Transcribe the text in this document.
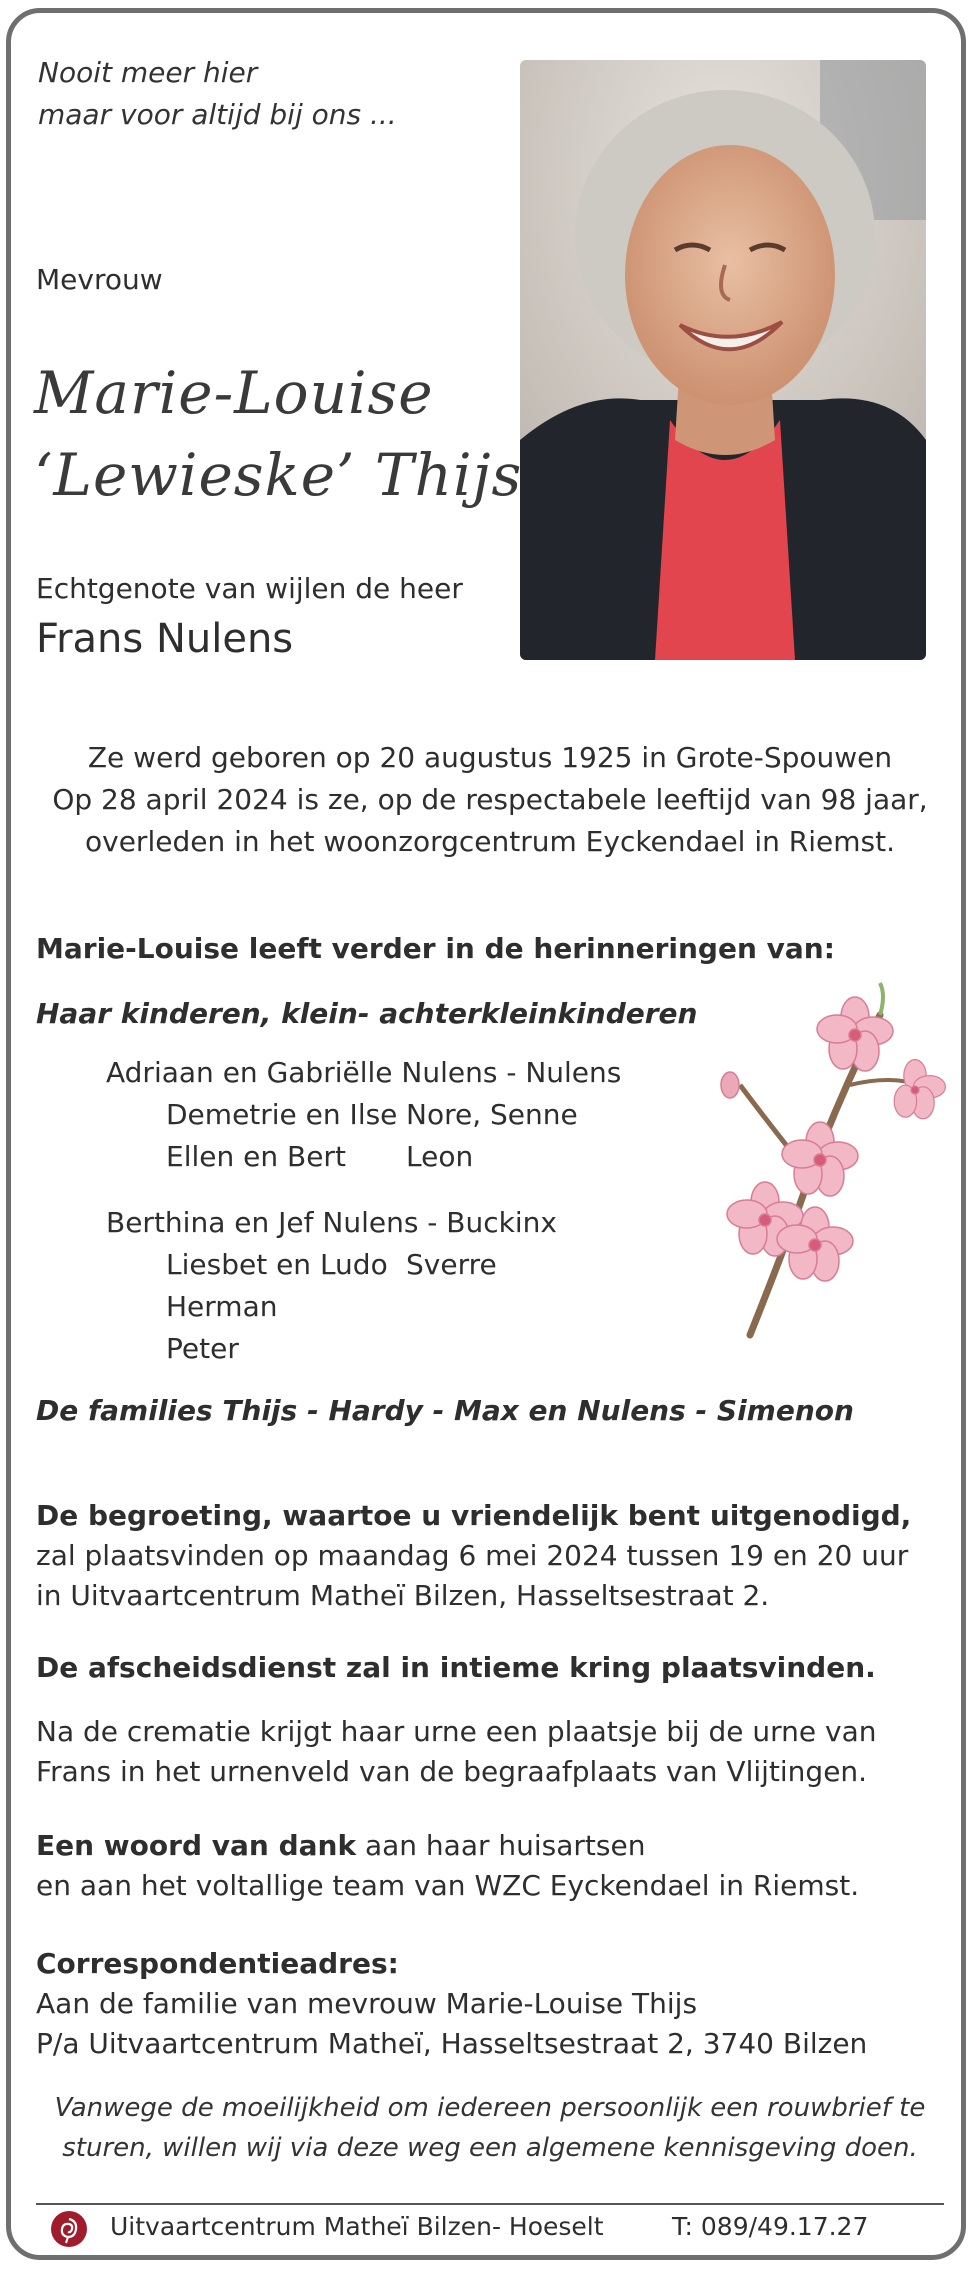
Nooit meer hier
maar voor altijd bij ons ...
Mevrouw
Marie-Louise
‘Lewieske’ Thijs
Echtgenote van wijlen de heer
Frans Nulens
Ze werd geboren op 20 augustus 1925 in Grote-Spouwen
Op 28 april 2024 is ze, op de respectabele leeftijd van 98 jaar,
overleden in het woonzorgcentrum Eyckendael in Riemst.
Marie-Louise leeft verder in de herinneringen van:
Haar kinderen, klein- achterkleinkinderen
Adriaan en Gabriëlle Nulens - Nulens
Demetrie en Ilse Nore, Senne
Ellen en Bert	Leon
Berthina en Jef Nulens - Buckinx
Liesbet en Ludo Sverre
Herman
Peter
De families Thijs - Hardy - Max en Nulens - Simenon
De begroeting, waartoe u vriendelijk bent uitgenodigd,
zal plaatsvinden op maandag 6 mei 2024 tussen 19 en 20 uur
in Uitvaartcentrum Matheï Bilzen, Hasseltsestraat 2.
De afscheidsdienst zal in intieme kring plaatsvinden.
Na de crematie krijgt haar urne een plaatsje bij de urne van
Frans in het urnenveld van de begraafplaats van Vlijtingen.
Een woord van dank aan haar huisartsen
en aan het voltallige team van WZC Eyckendael in Riemst.
Correspondentieadres:
Aan de familie van mevrouw Marie-Louise Thijs
P/a Uitvaartcentrum Matheï, Hasseltsestraat 2, 3740 Bilzen
Vanwege de moeilijkheid om iedereen persoonlijk een rouwbrief te
sturen, willen wij via deze weg een algemene kennisgeving doen.
Uitvaartcentrum Matheï Bilzen- Hoeselt	T: 089/49.17.27
